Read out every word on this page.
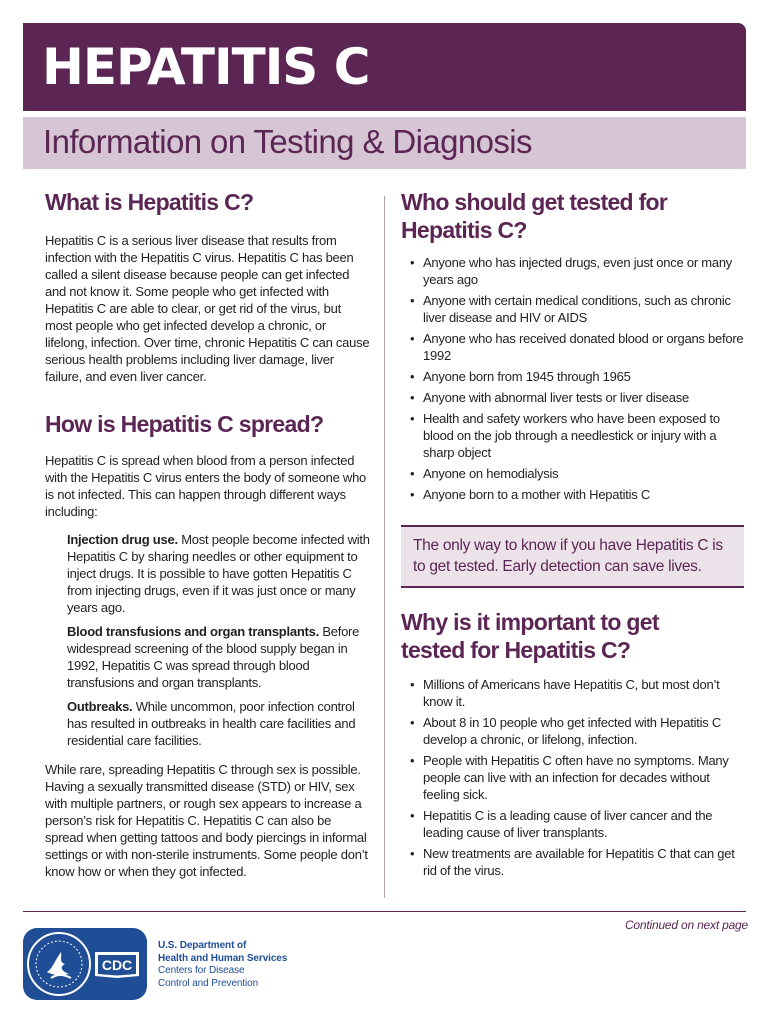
HEPATITIS C
Information on Testing & Diagnosis
What is Hepatitis C?

Hepatitis C is a serious liver disease that results from infection with the Hepatitis C virus. Hepatitis C has been called a silent disease because people can get infected and not know it. Some people who get infected with Hepatitis C are able to clear, or get rid of the virus, but most people who get infected develop a chronic, or lifelong, infection. Over time, chronic Hepatitis C can cause serious health problems including liver damage, liver failure, and even liver cancer.

How is Hepatitis C spread?

Hepatitis C is spread when blood from a person infected with the Hepatitis C virus enters the body of someone who is not infected. This can happen through different ways including:

Injection drug use. Most people become infected with Hepatitis C by sharing needles or other equipment to inject drugs. It is possible to have gotten Hepatitis C from injecting drugs, even if it was just once or many years ago.
Blood transfusions and organ transplants. Before widespread screening of the blood supply began in 1992, Hepatitis C was spread through blood transfusions and organ transplants.
Outbreaks. While uncommon, poor infection control has resulted in outbreaks in health care facilities and residential care facilities.

While rare, spreading Hepatitis C through sex is possible. Having a sexually transmitted disease (STD) or HIV, sex with multiple partners, or rough sex appears to increase a person’s risk for Hepatitis C. Hepatitis C can also be spread when getting tattoos and body piercings in informal settings or with non-sterile instruments. Some people don’t know how or when they got infected.

Who should get tested for Hepatitis C?
• Anyone who has injected drugs, even just once or many years ago
• Anyone with certain medical conditions, such as chronic liver disease and HIV or AIDS
• Anyone who has received donated blood or organs before 1992
• Anyone born from 1945 through 1965
• Anyone with abnormal liver tests or liver disease
• Health and safety workers who have been exposed to blood on the job through a needlestick or injury with a sharp object
• Anyone on hemodialysis
• Anyone born to a mother with Hepatitis C
The only way to know if you have Hepatitis C is to get tested. Early detection can save lives.
Why is it important to get tested for Hepatitis C?
• Millions of Americans have Hepatitis C, but most don’t know it.
• About 8 in 10 people who get infected with Hepatitis C develop a chronic, or lifelong, infection.
• People with Hepatitis C often have no symptoms. Many people can live with an infection for decades without feeling sick.
• Hepatitis C is a leading cause of liver cancer and the leading cause of liver transplants.
• New treatments are available for Hepatitis C that can get rid of the virus.
Continued on next page
CDC
U.S. Department of
Health and Human Services
Centers for Disease
Control and Prevention
